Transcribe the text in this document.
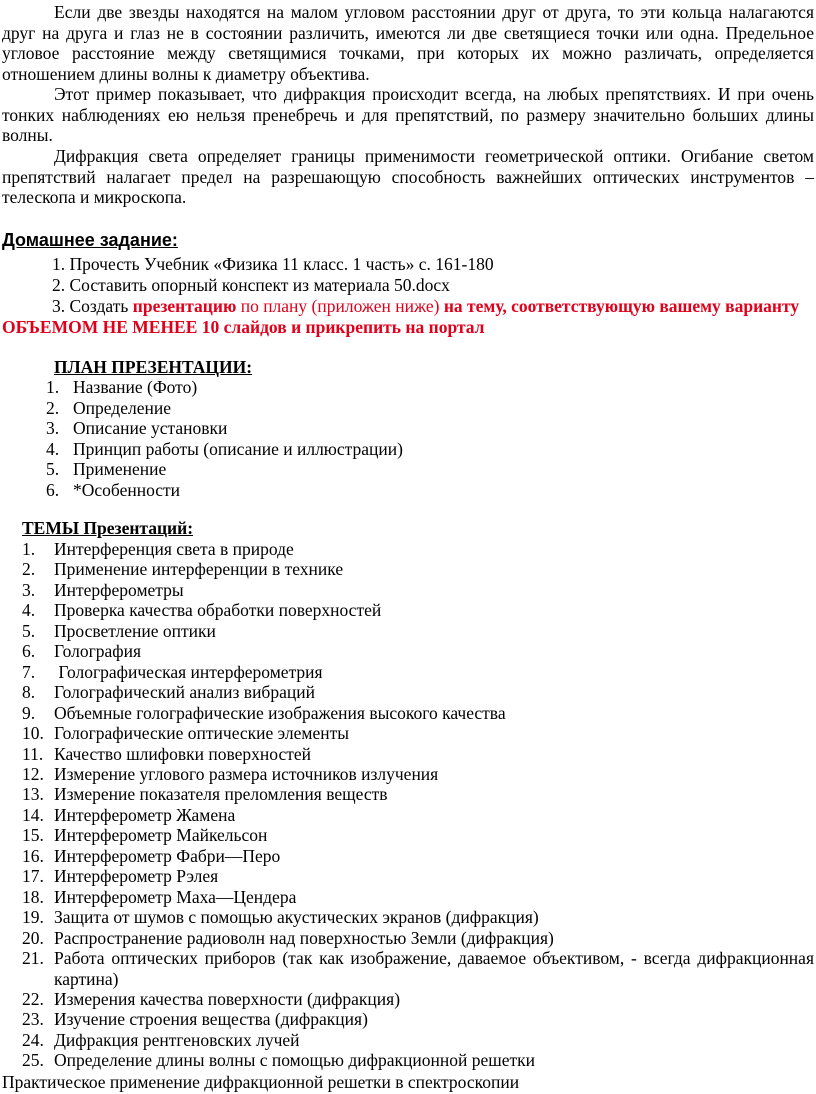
Если две звезды находятся на малом угловом расстоянии друг от друга, то эти кольца налагаются друг на друга и глаз не в состоянии различить, имеются ли две светящиеся точки или одна. Предельное угловое расстояние между светящимися точками, при которых их можно различать, определяется отношением длины волны к диаметру объектива.

Этот пример показывает, что дифракция происходит всегда, на любых препятствиях. И при очень тонких наблюдениях ею нельзя пренебречь и для препятствий, по размеру значительно больших длины волны.

Дифракция света определяет границы применимости геометрической оптики. Огибание светом препятствий налагает предел на разрешающую способность важнейших оптических инструментов – телескопа и микроскопа.

Домашнее задание:
1. Прочесть Учебник «Физика 11 класс. 1 часть» с. 161-180
2. Составить опорный конспект из материала 50.docx
3. Создать презентацию по плану (приложен ниже) на тему, соответствующую вашему варианту ОБЪЕМОМ НЕ МЕНЕЕ 10 слайдов и прикрепить на портал
ПЛАН ПРЕЗЕНТАЦИИ:
1. Название (Фото)
2. Определение
3. Описание установки
4. Принцип работы (описание и иллюстрации)
5. Применение
6. *Особенности
ТЕМЫ Презентаций:
1. Интерференция света в природе
2. Применение интерференции в технике
3. Интерферометры
4. Проверка качества обработки поверхностей
5. Просветление оптики
6. Голография
7. Голографическая интерферометрия
8. Голографический анализ вибраций
9. Объемные голографические изображения высокого качества
10. Голографические оптические элементы
11. Качество шлифовки поверхностей
12. Измерение углового размера источников излучения
13. Измерение показателя преломления веществ
14. Интерферометр Жамена
15. Интерферометр Майкельсон
16. Интерферометр Фабри—Перо
17. Интерферометр Рэлея
18. Интерферометр Маха—Цендера
19. Защита от шумов с помощью акустических экранов (дифракция)
20. Распространение радиоволн над поверхностью Земли (дифракция)
21. Работа оптических приборов (так как изображение, даваемое объективом, - всегда дифракционная картина)
22. Измерения качества поверхности (дифракция)
23. Изучение строения вещества (дифракция)
24. Дифракция рентгеновских лучей
25. Определение длины волны с помощью дифракционной решетки
Практическое применение дифракционной решетки в спектроскопии
